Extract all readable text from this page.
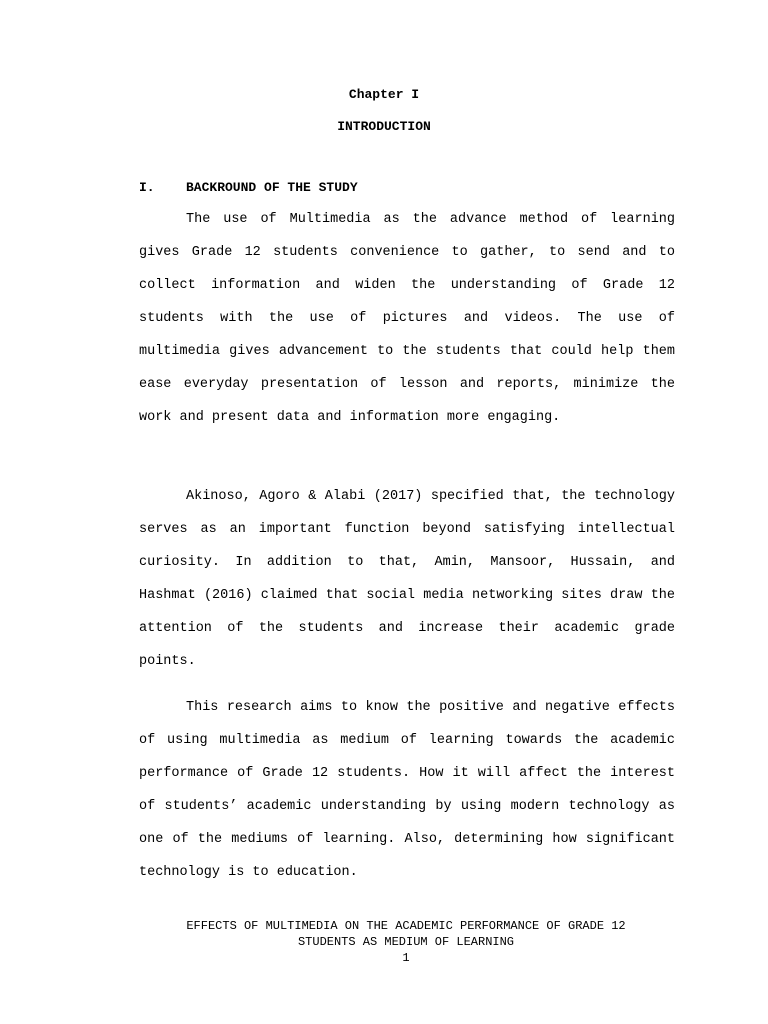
Chapter I
INTRODUCTION
I. BACKROUND OF THE STUDY

The use of Multimedia as the advance method of learning gives Grade 12 students convenience to gather, to send and to collect information and widen the understanding of Grade 12 students with the use of pictures and videos. The use of multimedia gives advancement to the students that could help them ease everyday presentation of lesson and reports, minimize the work and present data and information more engaging.

Akinoso, Agoro & Alabi (2017) specified that, the technology serves as an important function beyond satisfying intellectual curiosity. In addition to that, Amin, Mansoor, Hussain, and Hashmat (2016) claimed that social media networking sites draw the attention of the students and increase their academic grade points.

This research aims to know the positive and negative effects of using multimedia as medium of learning towards the academic performance of Grade 12 students. How it will affect the interest of students’ academic understanding by using modern technology as one of the mediums of learning. Also, determining how significant technology is to education.

EFFECTS OF MULTIMEDIA ON THE ACADEMIC PERFORMANCE OF GRADE 12
STUDENTS AS MEDIUM OF LEARNING
1
